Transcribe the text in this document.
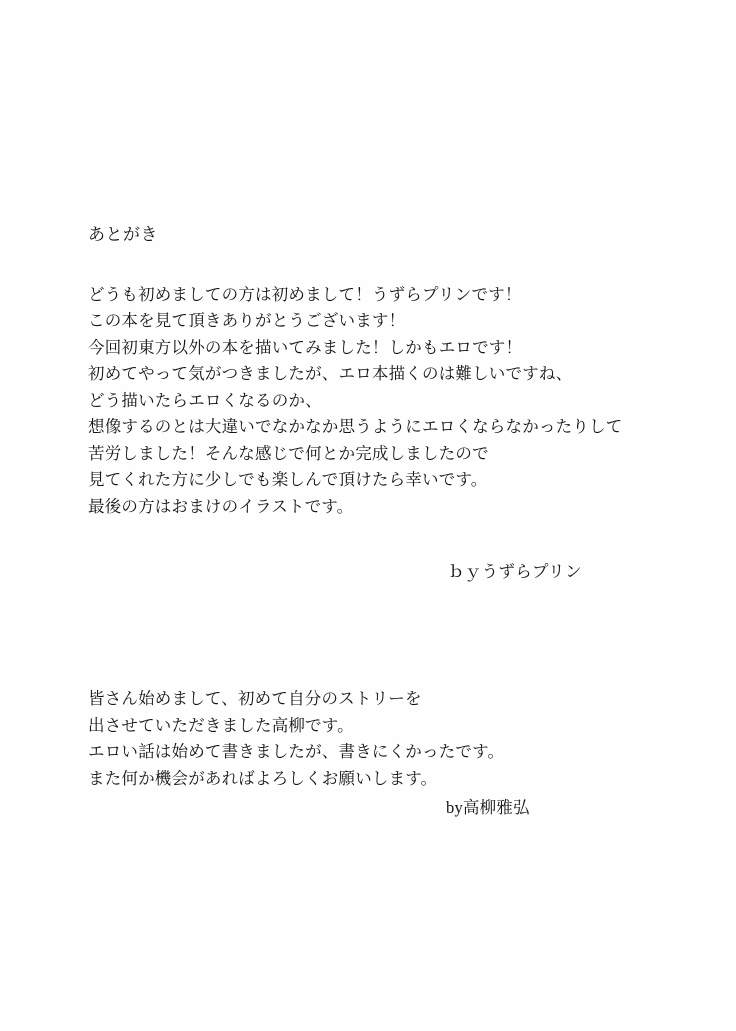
あとがき

どうも初めましての方は初めまして！うずらプリンです！
この本を見て頂きありがとうございます！
今回初東方以外の本を描いてみました！しかもエロです！
初めてやって気がつきましたが、エロ本描くのは難しいですね、
どう描いたらエロくなるのか、
想像するのとは大違いでなかなか思うようにエロくならなかったりして
苦労しました！そんな感じで何とか完成しましたので
見てくれた方に少しでも楽しんで頂けたら幸いです。
最後の方はおまけのイラストです。

ｂｙうずらプリン

皆さん始めまして、初めて自分のストリーを
出させていただきました高柳です。
エロい話は始めて書きましたが、書きにくかったです。
また何か機会があればよろしくお願いします。

by高柳雅弘
